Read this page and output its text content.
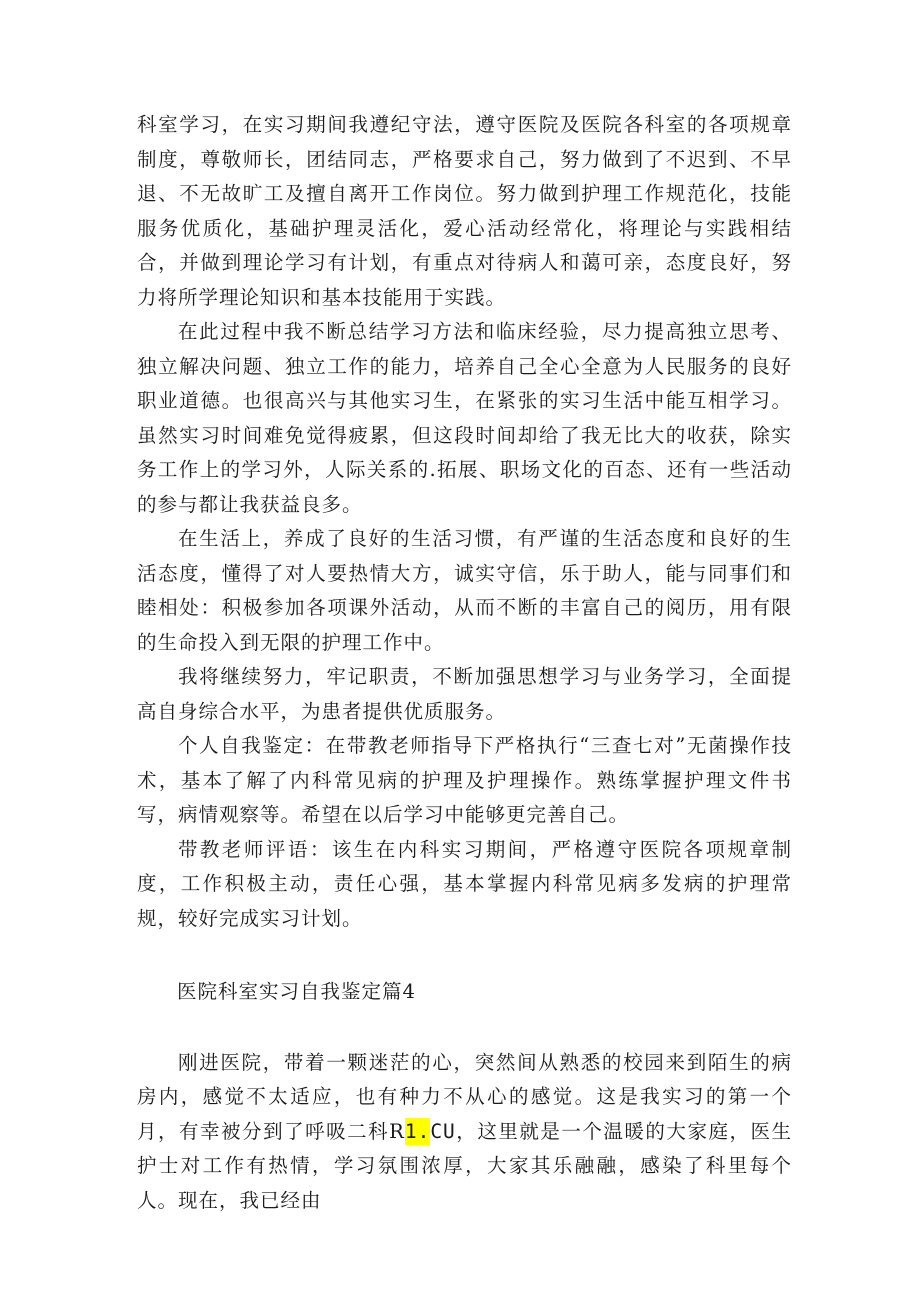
科室学习，在实习期间我遵纪守法，遵守医院及医院各科室的各项规章制度，尊敬师长，团结同志，严格要求自己，努力做到了不迟到、不早退、不无故旷工及擅自离开工作岗位。努力做到护理工作规范化，技能服务优质化，基础护理灵活化，爱心活动经常化，将理论与实践相结合，并做到理论学习有计划，有重点对待病人和蔼可亲，态度良好，努力将所学理论知识和基本技能用于实践。

在此过程中我不断总结学习方法和临床经验，尽力提高独立思考、独立解决问题、独立工作的能力，培养自己全心全意为人民服务的良好职业道德。也很高兴与其他实习生，在紧张的实习生活中能互相学习。虽然实习时间难免觉得疲累，但这段时间却给了我无比大的收获，除实务工作上的学习外，人际关系的.拓展、职场文化的百态、还有一些活动的参与都让我获益良多。

在生活上，养成了良好的生活习惯，有严谨的生活态度和良好的生活态度，懂得了对人要热情大方，诚实守信，乐于助人，能与同事们和睦相处：积极参加各项课外活动，从而不断的丰富自己的阅历，用有限的生命投入到无限的护理工作中。

我将继续努力，牢记职责，不断加强思想学习与业务学习，全面提高自身综合水平，为患者提供优质服务。

个人自我鉴定：在带教老师指导下严格执行“三查七对”无菌操作技术，基本了解了内科常见病的护理及护理操作。熟练掌握护理文件书写，病情观察等。希望在以后学习中能够更完善自己。

带教老师评语：该生在内科实习期间，严格遵守医院各项规章制度，工作积极主动，责任心强，基本掌握内科常见病多发病的护理常规，较好完成实习计划。

医院科室实习自我鉴定篇4

刚进医院，带着一颗迷茫的心，突然间从熟悉的校园来到陌生的病房内，感觉不太适应，也有种力不从心的感觉。这是我实习的第一个月，有幸被分到了呼吸二科R1.CU，这里就是一个温暖的大家庭，医生护士对工作有热情，学习氛围浓厚，大家其乐融融，感染了科里每个人。现在，我已经由
